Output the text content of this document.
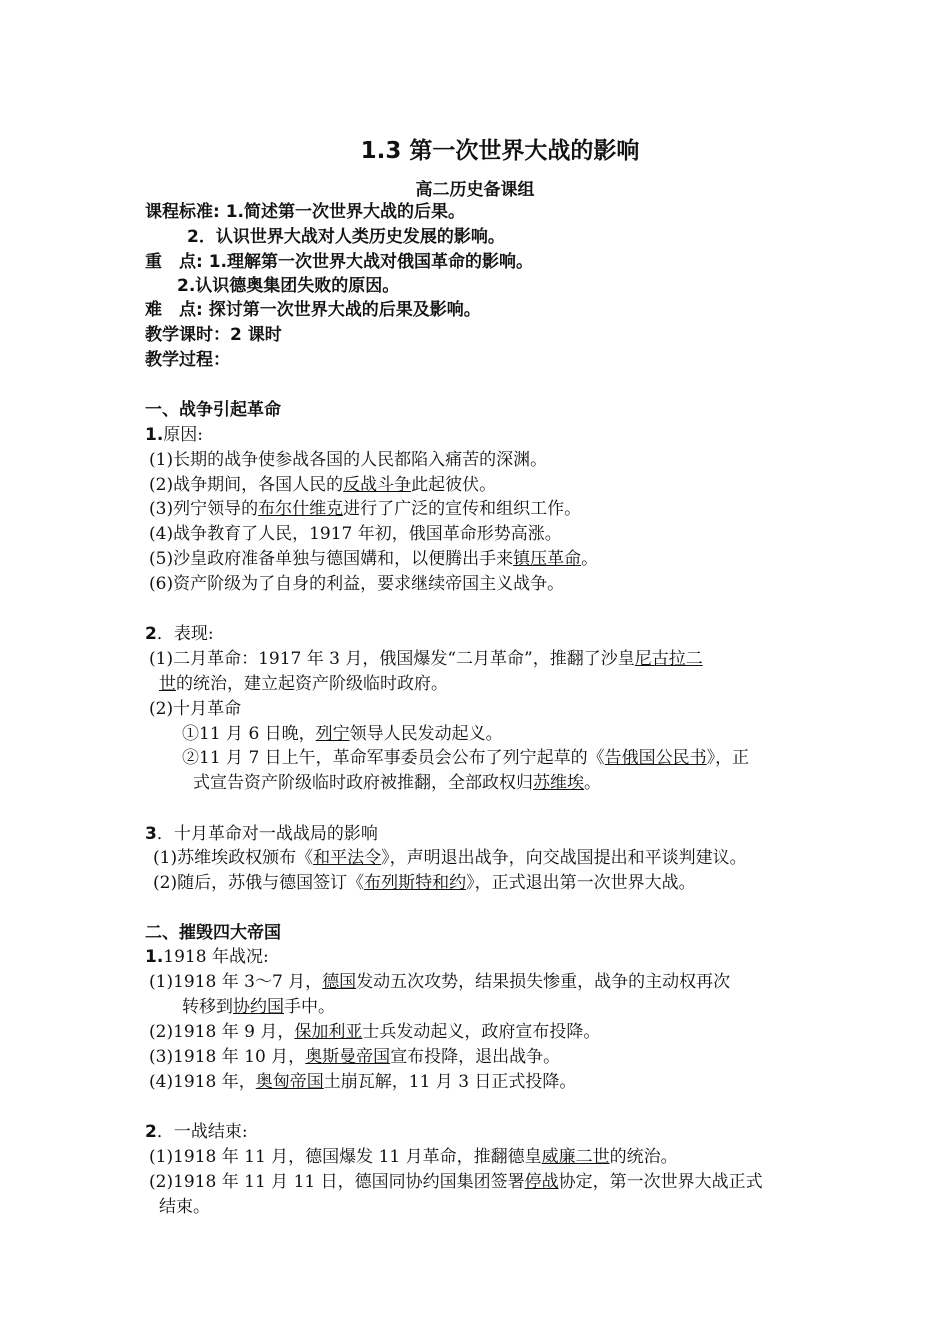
1.3 第一次世界大战的影响
高二历史备课组
课程标准: 1.简述第一次世界大战的后果。
2．认识世界大战对人类历史发展的影响。
重　点: 1.理解第一次世界大战对俄国革命的影响。
2.认识德奥集团失败的原因。
难　点: 探讨第一次世界大战的后果及影响。
教学课时：2 课时
教学过程：
一、战争引起革命
1.原因:
(1)长期的战争使参战各国的人民都陷入痛苦的深渊。
(2)战争期间，各国人民的反战斗争此起彼伏。
(3)列宁领导的布尔什维克进行了广泛的宣传和组织工作。
(4)战争教育了人民，1917 年初，俄国革命形势高涨。
(5)沙皇政府准备单独与德国媾和，以便腾出手来镇压革命。
(6)资产阶级为了自身的利益，要求继续帝国主义战争。
2．表现:
(1)二月革命：1917 年 3 月，俄国爆发“二月革命”，推翻了沙皇尼古拉二
世的统治，建立起资产阶级临时政府。
(2)十月革命
①11 月 6 日晚，列宁领导人民发动起义。
②11 月 7 日上午，革命军事委员会公布了列宁起草的《告俄国公民书》，正
式宣告资产阶级临时政府被推翻，全部政权归苏维埃。
3．十月革命对一战战局的影响
(1)苏维埃政权颁布《和平法令》，声明退出战争，向交战国提出和平谈判建议。
(2)随后，苏俄与德国签订《布列斯特和约》，正式退出第一次世界大战。
二、摧毁四大帝国
1.1918 年战况:
(1)1918 年 3～7 月，德国发动五次攻势，结果损失惨重，战争的主动权再次
转移到协约国手中。
(2)1918 年 9 月，保加利亚士兵发动起义，政府宣布投降。
(3)1918 年 10 月，奥斯曼帝国宣布投降，退出战争。
(4)1918 年，奥匈帝国土崩瓦解，11 月 3 日正式投降。
2．一战结束:
(1)1918 年 11 月，德国爆发 11 月革命，推翻德皇威廉二世的统治。
(2)1918 年 11 月 11 日，德国同协约国集团签署停战协定，第一次世界大战正式
结束。
